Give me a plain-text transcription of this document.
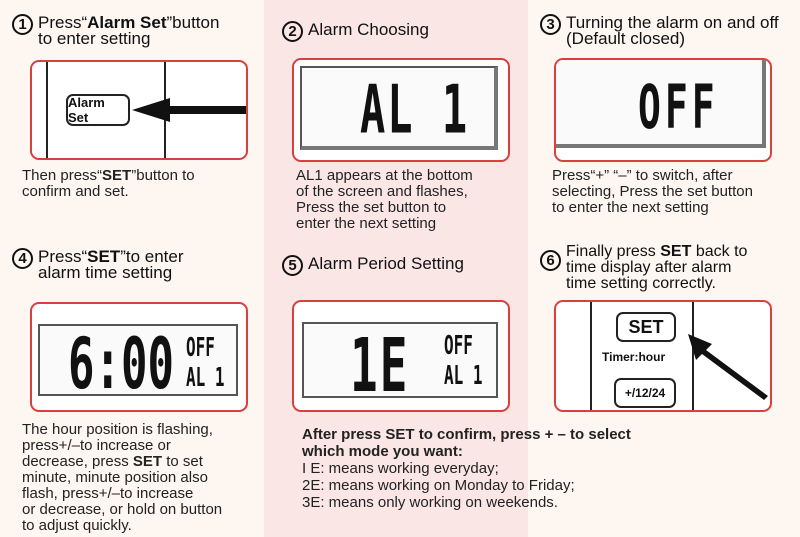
1 Press“Alarm Set”button
to enter setting
Alarm Set
Then press“SET”button to
confirm and set.
2 Alarm Choosing
AL 1
AL1 appears at the bottom
of the screen and flashes,
Press the set button to
enter the next setting
3 Turning the alarm on and off
(Default closed)
OFF
Press“+” “–” to switch, after
selecting, Press the set button
to enter the next setting
4 Press“SET”to enter
alarm time setting
6:00 OFF
AL 1
The hour position is flashing,
press+/–to increase or
decrease, press SET to set
minute, minute position also
flash, press+/–to increase
or decrease, or hold on button
to adjust quickly.
5 Alarm Period Setting
1E OFF
AL 1
After press SET to confirm, press + – to select
which mode you want:
I E: means working everyday;
2E: means working on Monday to Friday;
3E: means only working on weekends.
6 Finally press SET back to
time display after alarm
time setting correctly.
SET
Timer:hour
+/12/24
